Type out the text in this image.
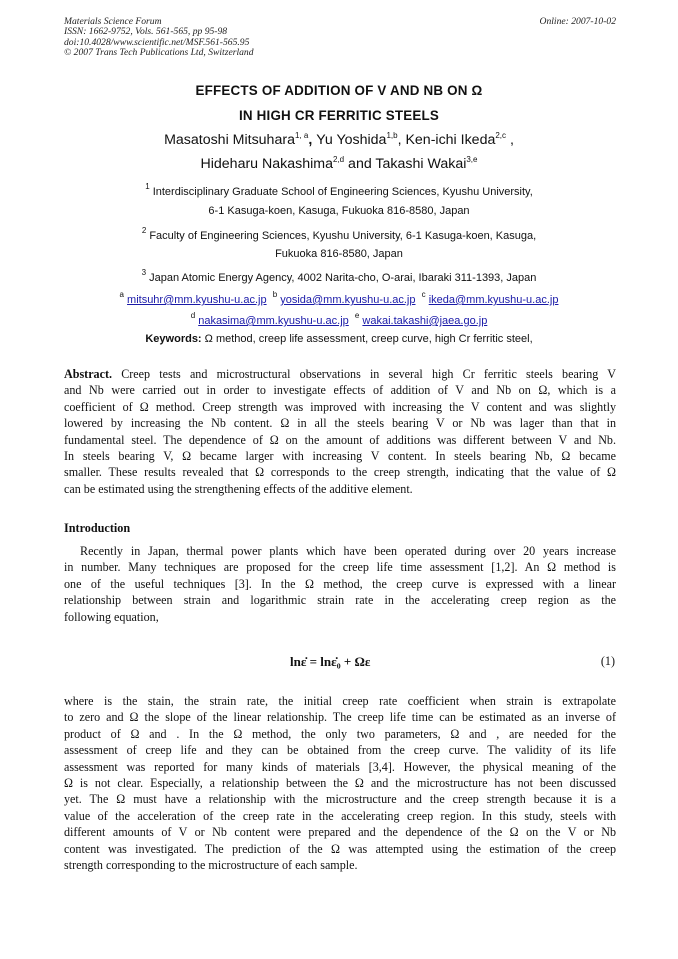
Materials Science Forum
ISSN: 1662-9752, Vols. 561-565, pp 95-98
doi:10.4028/www.scientific.net/MSF.561-565.95
© 2007 Trans Tech Publications Ltd, Switzerland
Online: 2007-10-02
EFFECTS OF ADDITION OF V AND NB ON Ω
IN HIGH CR FERRITIC STEELS
Masatoshi Mitsuhara$^{1, a}$, Yu Yoshida$^{1,b}$, Ken-ichi Ikeda$^{2,c}$ ,
Hideharu Nakashima$^{2,d}$ and Takashi Wakai$^{3,e}$
$^1$ Interdisciplinary Graduate School of Engineering Sciences, Kyushu University,
6-1 Kasuga-koen, Kasuga, Fukuoka 816-8580, Japan
$^2$ Faculty of Engineering Sciences, Kyushu University, 6-1 Kasuga-koen, Kasuga,
Fukuoka 816-8580, Japan
$^3$ Japan Atomic Energy Agency, 4002 Narita-cho, O-arai, Ibaraki 311-1393, Japan
$^a$ mitsuhr@mm.kyushu-u.ac.jp $^b$ yosida@mm.kyushu-u.ac.jp $^c$ ikeda@mm.kyushu-u.ac.jp
$^d$ nakasima@mm.kyushu-u.ac.jp $^e$ wakai.takashi@jaea.go.jp
Keywords: Ω method, creep life assessment, creep curve, high Cr ferritic steel,
Abstract. Creep tests and microstructural observations in several high Cr ferritic steels bearing V
and Nb were carried out in order to investigate effects of addition of V and Nb on Ω, which is a
coefficient of Ω method. Creep strength was improved with increasing the V content and was slightly
lowered by increasing the Nb content. Ω in all the steels bearing V or Nb was lager than that in
fundamental steel. The dependence of Ω on the amount of additions was different between V and Nb.
In steels bearing V, Ω became larger with increasing V content. In steels bearing Nb, Ω became
smaller. These results revealed that Ω corresponds to the creep strength, indicating that the value of Ω
can be estimated using the strengthening effects of the additive element.
Introduction
Recently in Japan, thermal power plants which have been operated during over 20 years increase
in number. Many techniques are proposed for the creep life time assessment [1,2]. An Ω method is
one of the useful techniques [3]. In the Ω method, the creep curve is expressed with a linear
relationship between strain and logarithmic strain rate in the accelerating creep region as the
following equation,
lnε̇ = lnε̇₀ + Ωε	(1)
where is the stain, the strain rate, the initial creep rate coefficient when strain is extrapolate
to zero and Ω the slope of the linear relationship. The creep life time can be estimated as an inverse of
product of Ω and . In the Ω method, the only two parameters, Ω and , are needed for the
assessment of creep life and they can be obtained from the creep curve. The validity of its life
assessment was reported for many kinds of materials [3,4]. However, the physical meaning of the
Ω is not clear. Especially, a relationship between the Ω and the microstructure has not been discussed
yet. The Ω must have a relationship with the microstructure and the creep strength because it is a
value of the acceleration of the creep rate in the accelerating creep region. In this study, steels with
different amounts of V or Nb content were prepared and the dependence of the Ω on the V or Nb
content was investigated. The prediction of the Ω was attempted using the estimation of the creep
strength corresponding to the microstructure of each sample.
